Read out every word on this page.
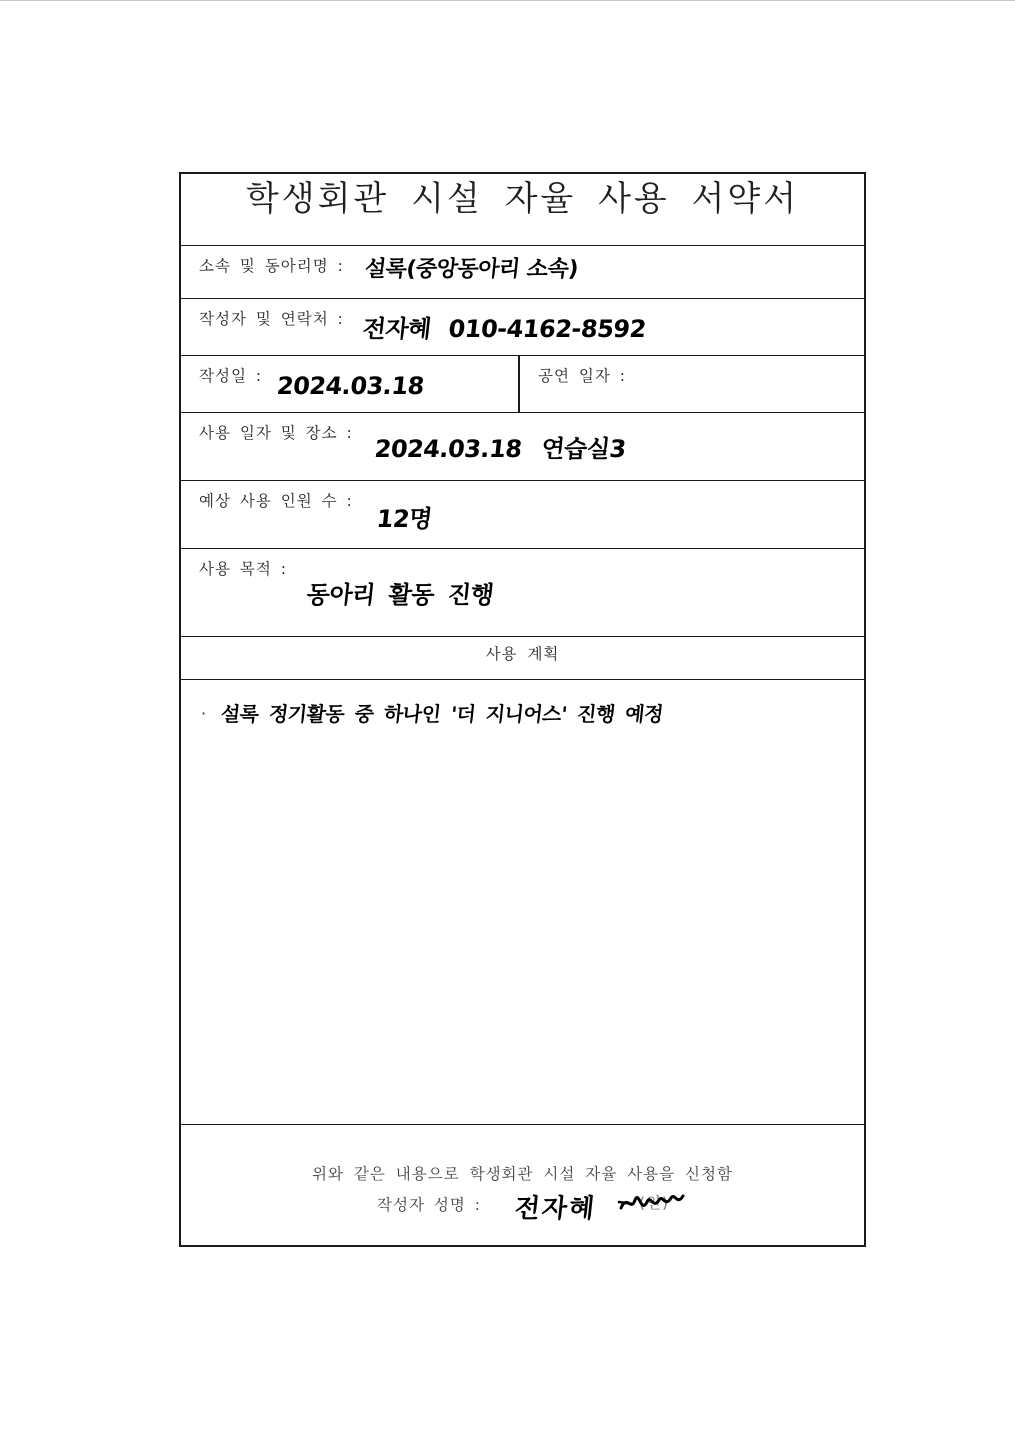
학생회관 시설 자율 사용 서약서
소속 및 동아리명 : 설록(중앙동아리 소속)
작성자 및 연락처 : 전자혜 010-4162-8592
작성일 : 2024.03.18	공연 일자 :
사용 일자 및 장소 :
2024.03.18 연습실3
예상 사용 인원 수 :
12명
사용 목적 :
동아리 활동 진행
사용 계획
· 설록 정기활동 중 하나인 '더 지니어스' 진행 예정
위와 같은 내용으로 학생회관 시설 자율 사용을 신청함
작성자 성명 : 전자혜	(인)
